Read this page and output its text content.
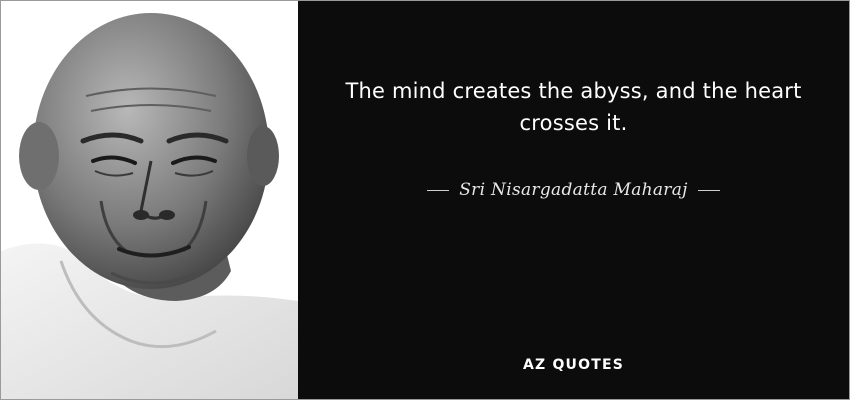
The mind creates the abyss, and the heart crosses it.
Sri Nisargadatta Maharaj
AZ QUOTES
